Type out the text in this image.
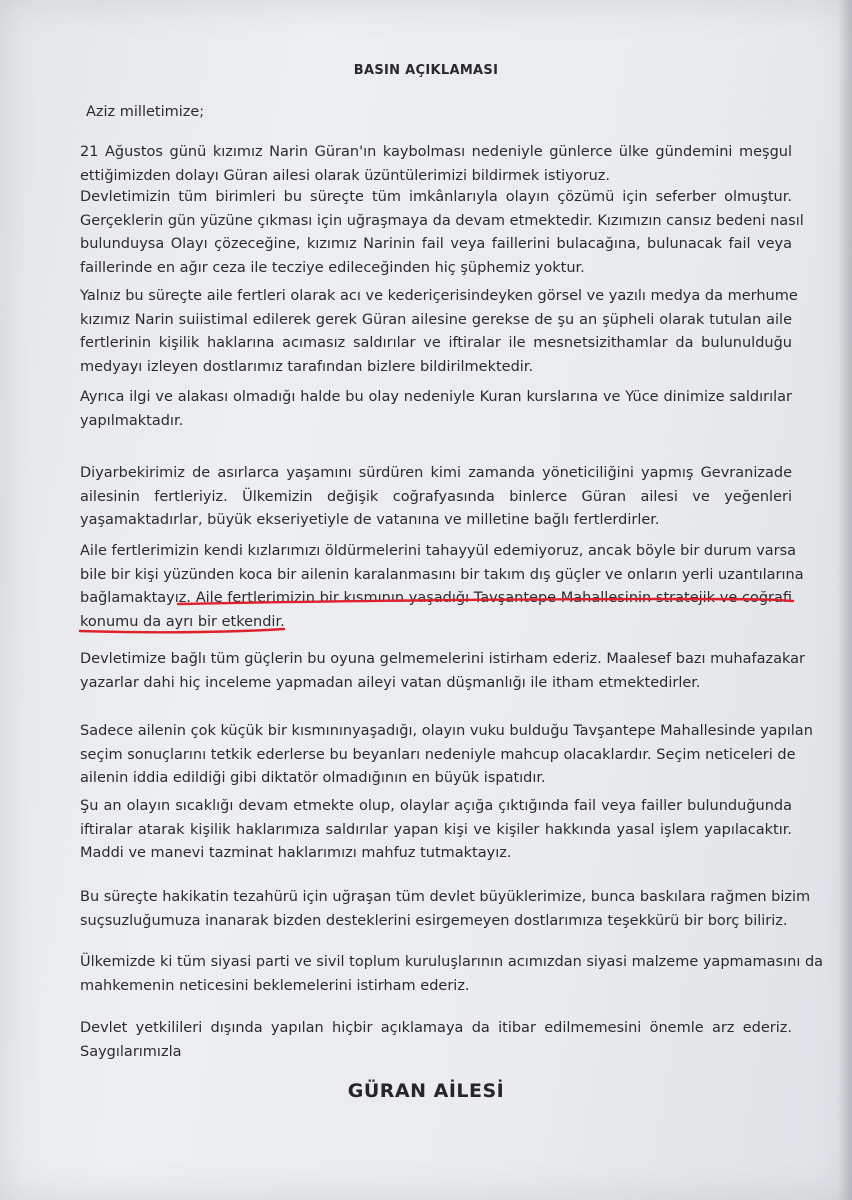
BASIN AÇIKLAMASI
Aziz milletimize;
21 Ağustos günü kızımız Narin Güran'ın kaybolması nedeniyle günlerce ülke gündemini meşgul
ettiğimizden dolayı Güran ailesi olarak üzüntülerimizi bildirmek istiyoruz.
Devletimizin tüm birimleri bu süreçte tüm imkânlarıyla olayın çözümü için seferber olmuştur.
Gerçeklerin gün yüzüne çıkması için uğraşmaya da devam etmektedir. Kızımızın cansız bedeni nasıl
bulunduysa Olayı çözeceğine, kızımız Narinin fail veya faillerini bulacağına, bulunacak fail veya
faillerinde en ağır ceza ile tecziye edileceğinden hiç şüphemiz yoktur.
Yalnız bu süreçte aile fertleri olarak acı ve kederiçerisindeyken görsel ve yazılı medya da merhume
kızımız Narin suiistimal edilerek gerek Güran ailesine gerekse de şu an şüpheli olarak tutulan aile
fertlerinin kişilik haklarına acımasız saldırılar ve iftiralar ile mesnetsizithamlar da bulunulduğu
medyayı izleyen dostlarımız tarafından bizlere bildirilmektedir.
Ayrıca ilgi ve alakası olmadığı halde bu olay nedeniyle Kuran kurslarına ve Yüce dinimize saldırılar
yapılmaktadır.
Diyarbekirimiz de asırlarca yaşamını sürdüren kimi zamanda yöneticiliğini yapmış Gevranizade
ailesinin fertleriyiz. Ülkemizin değişik coğrafyasında binlerce Güran ailesi ve yeğenleri
yaşamaktadırlar, büyük ekseriyetiyle de vatanına ve milletine bağlı fertlerdirler.
Aile fertlerimizin kendi kızlarımızı öldürmelerini tahayyül edemiyoruz, ancak böyle bir durum varsa
bile bir kişi yüzünden koca bir ailenin karalanmasını bir takım dış güçler ve onların yerli uzantılarına
bağlamaktayız. Aile fertlerimizin bir kısmının yaşadığı Tavşantepe Mahallesinin stratejik ve coğrafi
konumu da ayrı bir etkendir.
Devletimize bağlı tüm güçlerin bu oyuna gelmemelerini istirham ederiz. Maalesef bazı muhafazakar
yazarlar dahi hiç inceleme yapmadan aileyi vatan düşmanlığı ile itham etmektedirler.
Sadece ailenin çok küçük bir kısmınınyaşadığı, olayın vuku bulduğu Tavşantepe Mahallesinde yapılan
seçim sonuçlarını tetkik ederlerse bu beyanları nedeniyle mahcup olacaklardır. Seçim neticeleri de
ailenin iddia edildiği gibi diktatör olmadığının en büyük ispatıdır.
Şu an olayın sıcaklığı devam etmekte olup, olaylar açığa çıktığında fail veya failler bulunduğunda
iftiralar atarak kişilik haklarımıza saldırılar yapan kişi ve kişiler hakkında yasal işlem yapılacaktır.
Maddi ve manevi tazminat haklarımızı mahfuz tutmaktayız.
Bu süreçte hakikatin tezahürü için uğraşan tüm devlet büyüklerimize, bunca baskılara rağmen bizim
suçsuzluğumuza inanarak bizden desteklerini esirgemeyen dostlarımıza teşekkürü bir borç biliriz.
Ülkemizde ki tüm siyasi parti ve sivil toplum kuruluşlarının acımızdan siyasi malzeme yapmamasını da
mahkemenin neticesini beklemelerini istirham ederiz.
Devlet yetkilileri dışında yapılan hiçbir açıklamaya da itibar edilmemesini önemle arz ederiz.
Saygılarımızla
GÜRAN AİLESİ
